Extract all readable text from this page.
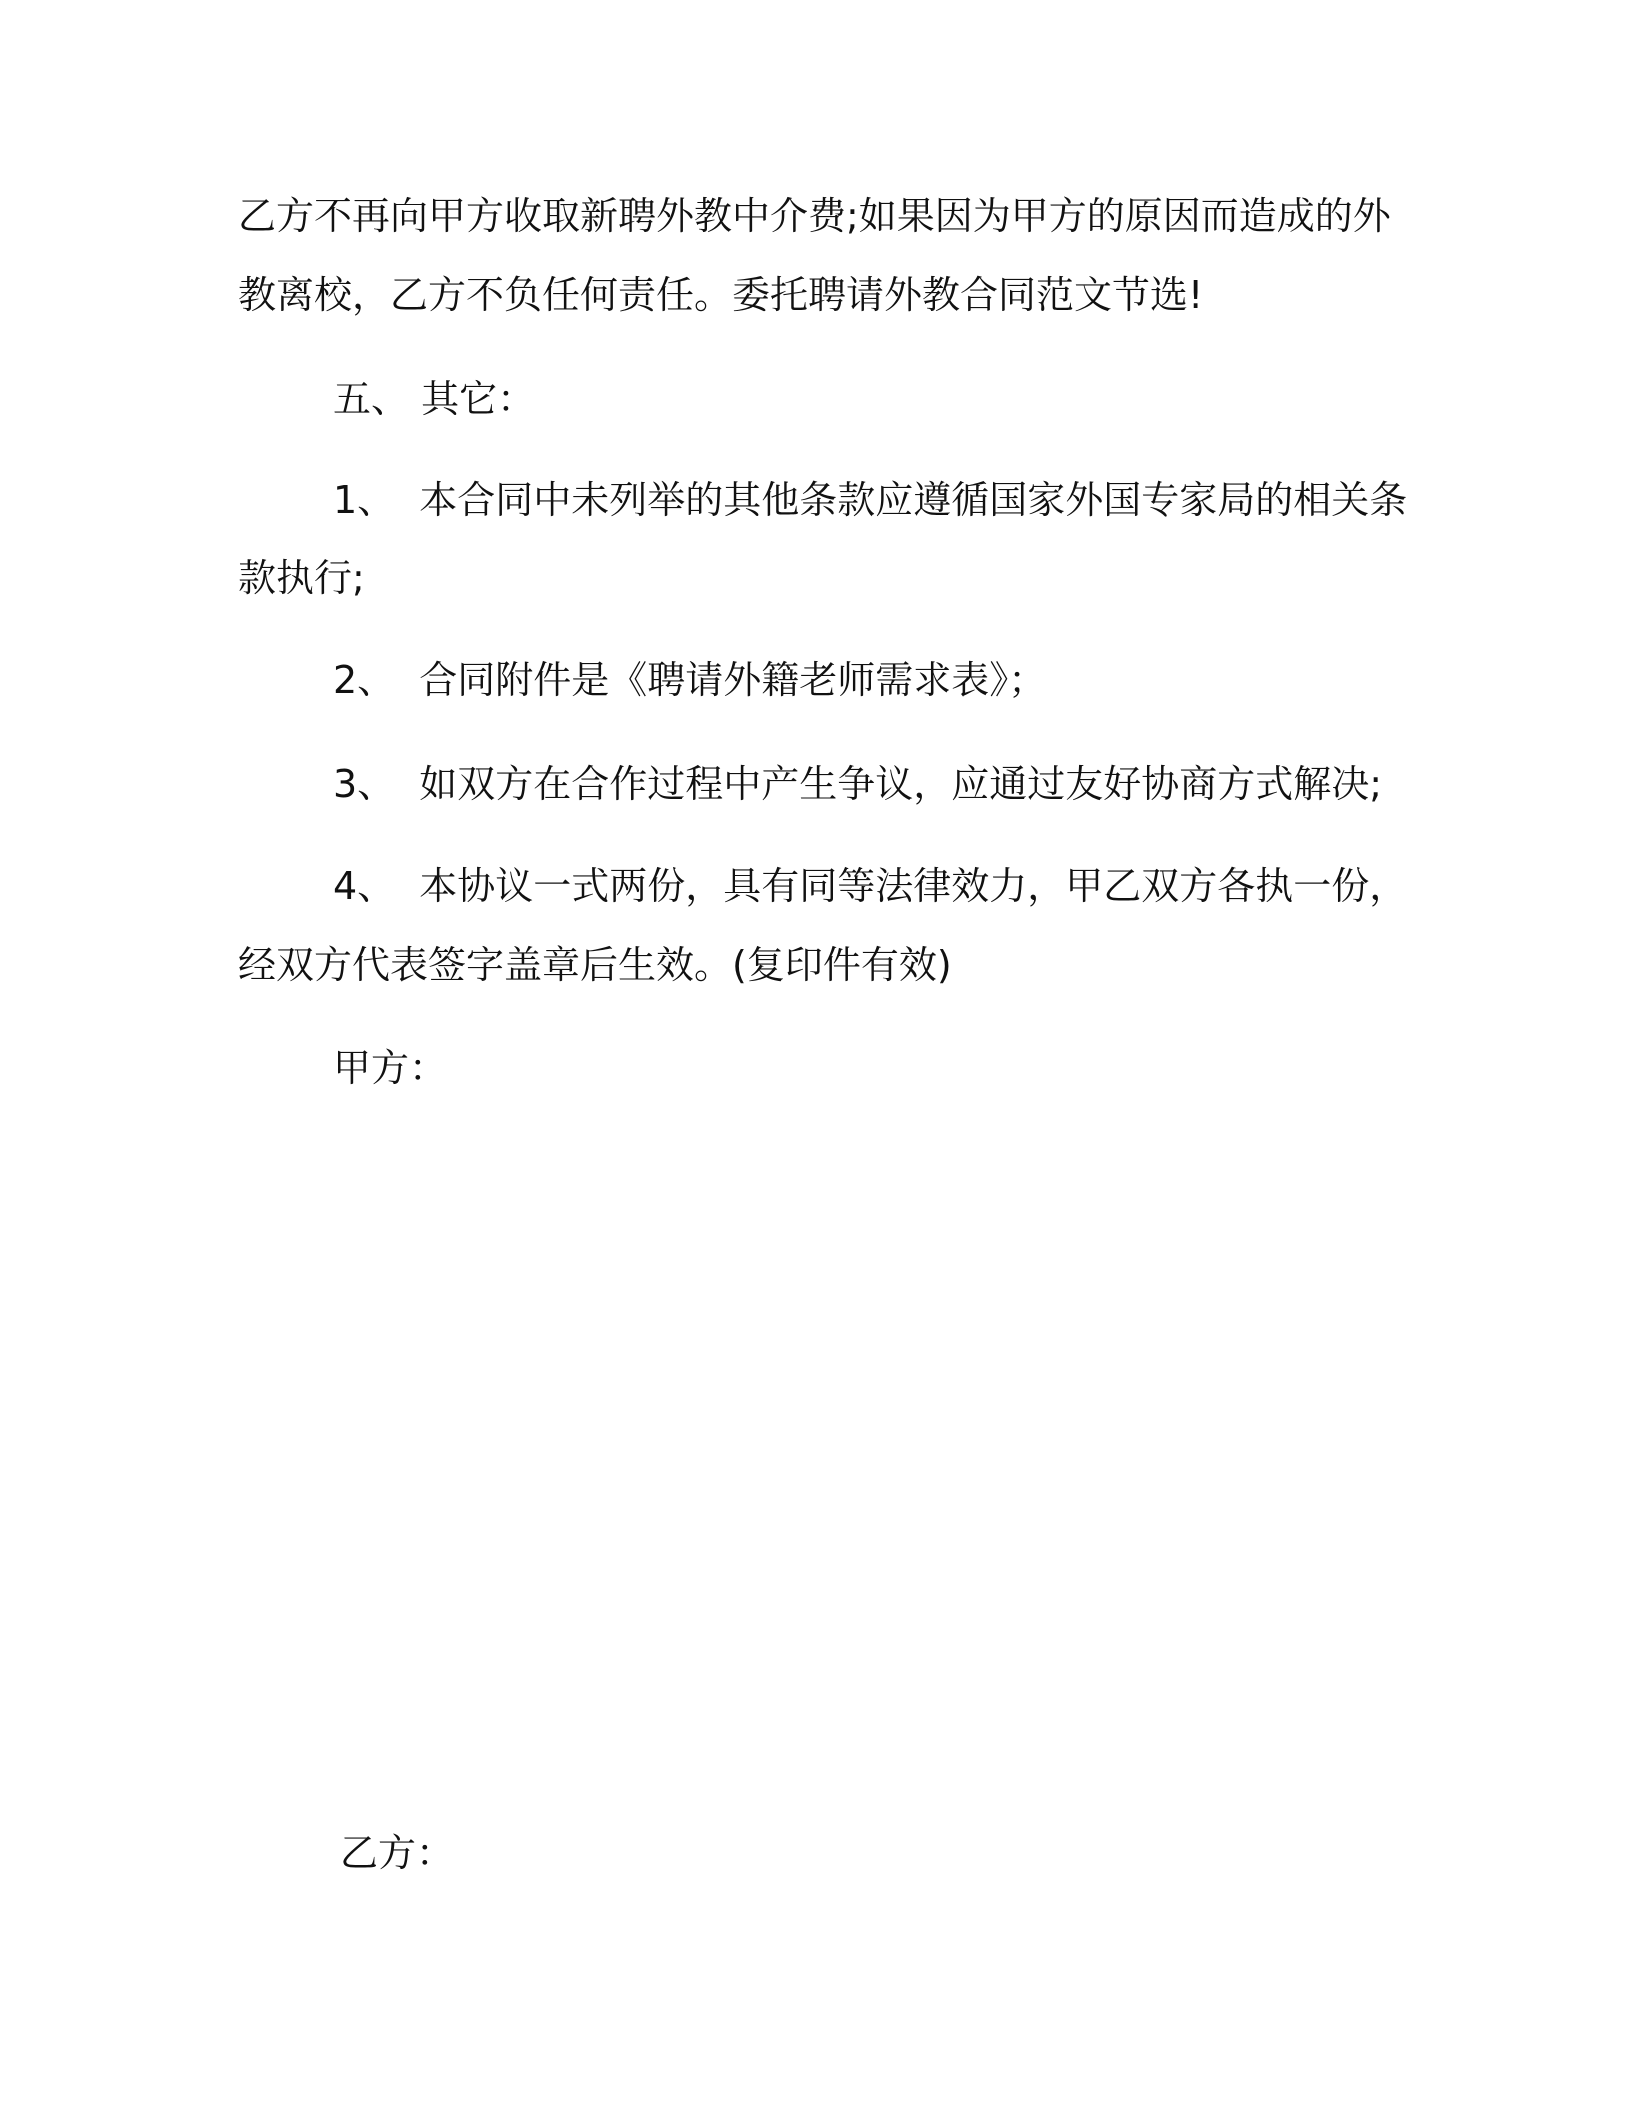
乙方不再向甲方收取新聘外教中介费;如果因为甲方的原因而造成的外
教离校，乙方不负任何责任。委托聘请外教合同范文节选!
五、 其它：
1、 本合同中未列举的其他条款应遵循国家外国专家局的相关条
款执行;
2、 合同附件是《聘请外籍老师需求表》；
3、 如双方在合作过程中产生争议，应通过友好协商方式解决;
4、 本协议一式两份，具有同等法律效力，甲乙双方各执一份，
经双方代表签字盖章后生效。(复印件有效)
甲方：
乙方：
